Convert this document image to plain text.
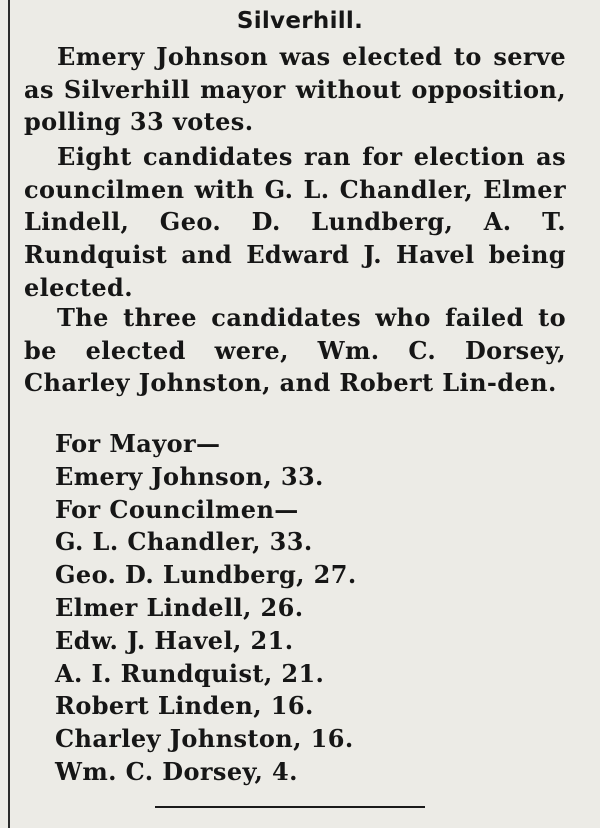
Silverhill.

Emery Johnson was elected to serve as Silverhill mayor without opposition, polling 33 votes.

Eight candidates ran for election as councilmen with G. L. Chandler, Elmer Lindell, Geo. D. Lundberg, A. T. Rundquist and Edward J. Havel being elected.

The three candidates who failed to be elected were, Wm. C. Dorsey, Charley Johnston, and Robert Lin-den.

For Mayor—
Emery Johnson, 33.
For Councilmen—
G. L. Chandler, 33.
Geo. D. Lundberg, 27.
Elmer Lindell, 26.
Edw. J. Havel, 21.
A. I. Rundquist, 21.
Robert Linden, 16.
Charley Johnston, 16.
Wm. C. Dorsey, 4.
